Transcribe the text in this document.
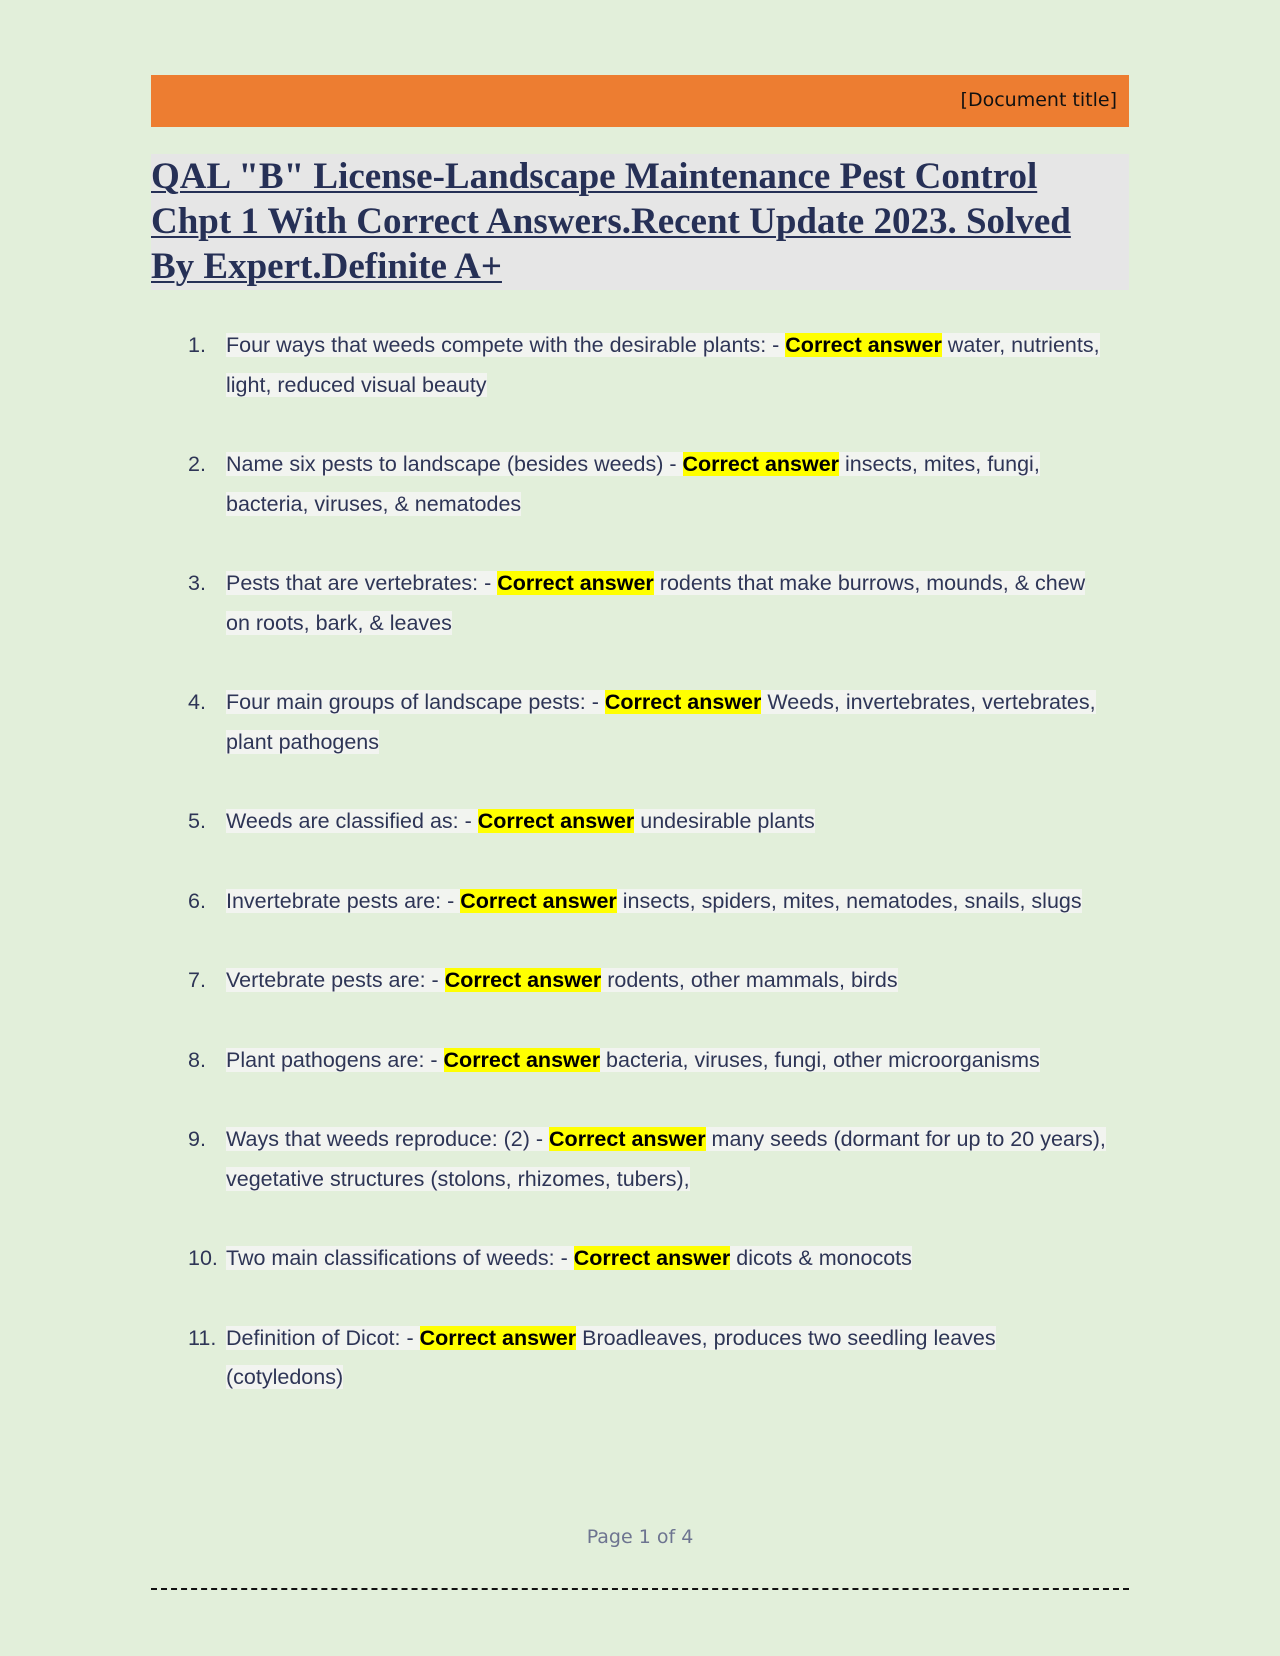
[Document title]
QAL "B" License-Landscape Maintenance Pest Control
Chpt 1 With Correct Answers.Recent Update 2023. Solved
By Expert.Definite A+
1. Four ways that weeds compete with the desirable plants: - Correct answer water, nutrients, light, reduced visual beauty
2. Name six pests to landscape (besides weeds) - Correct answer insects, mites, fungi, bacteria, viruses, & nematodes
3. Pests that are vertebrates: - Correct answer rodents that make burrows, mounds, & chew on roots, bark, & leaves
4. Four main groups of landscape pests: - Correct answer Weeds, invertebrates, vertebrates, plant pathogens
5. Weeds are classified as: - Correct answer undesirable plants
6. Invertebrate pests are: - Correct answer insects, spiders, mites, nematodes, snails, slugs
7. Vertebrate pests are: - Correct answer rodents, other mammals, birds
8. Plant pathogens are: - Correct answer bacteria, viruses, fungi, other microorganisms
9. Ways that weeds reproduce: (2) - Correct answer many seeds (dormant for up to 20 years), vegetative structures (stolons, rhizomes, tubers),
10. Two main classifications of weeds: - Correct answer dicots & monocots
11. Definition of Dicot: - Correct answer Broadleaves, produces two seedling leaves (cotyledons)
Page 1 of 4
